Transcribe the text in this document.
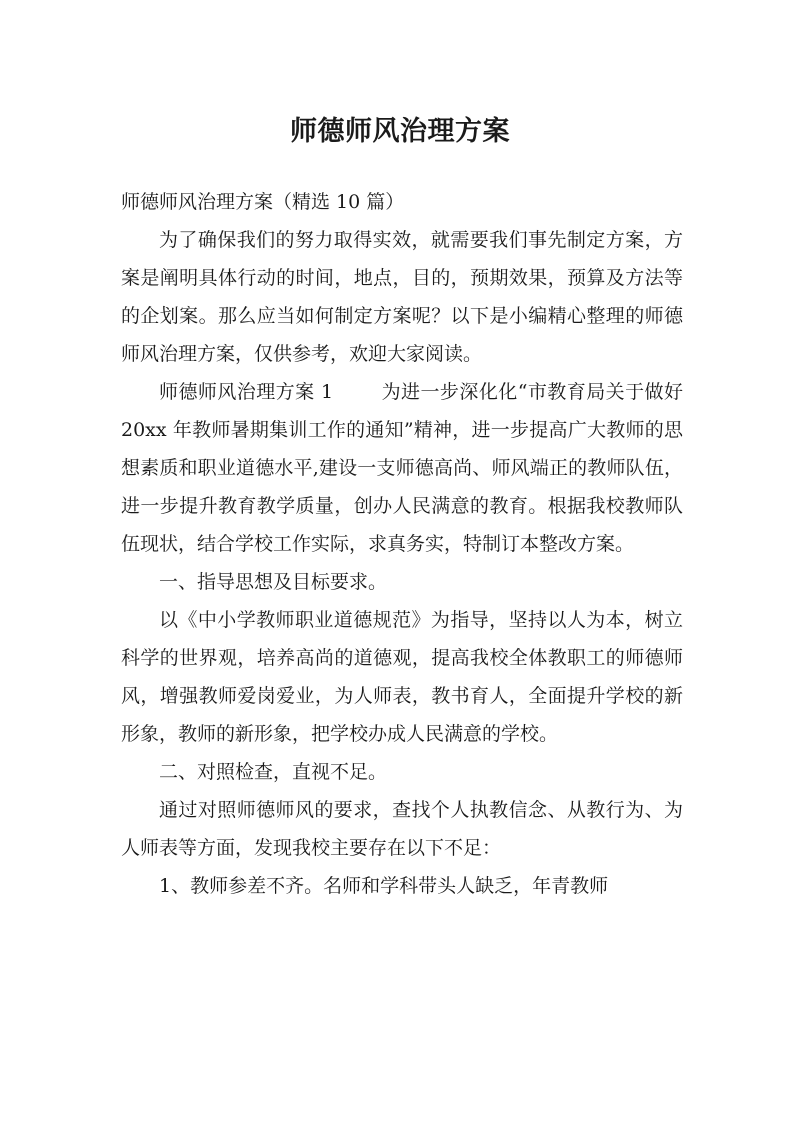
师德师风治理方案

师德师风治理方案（精选 10 篇）

为了确保我们的努力取得实效，就需要我们事先制定方案，方案是阐明具体行动的时间，地点，目的，预期效果，预算及方法等的企划案。那么应当如何制定方案呢？以下是小编精心整理的师德师风治理方案，仅供参考，欢迎大家阅读。

师德师风治理方案 1	为进一步深化化“市教育局关于做好 20xx 年教师暑期集训工作的通知”精神，进一步提高广大教师的思想素质和职业道德水平,建设一支师德高尚、师风端正的教师队伍，进一步提升教育教学质量，创办人民满意的教育。根据我校教师队伍现状，结合学校工作实际，求真务实，特制订本整改方案。

一、指导思想及目标要求。

以《中小学教师职业道德规范》为指导，坚持以人为本，树立科学的世界观，培养高尚的道德观，提高我校全体教职工的师德师风，增强教师爱岗爱业，为人师表，教书育人，全面提升学校的新形象，教师的新形象，把学校办成人民满意的学校。

二、对照检查，直视不足。

通过对照师德师风的要求，查找个人执教信念、从教行为、为人师表等方面，发现我校主要存在以下不足：

1、教师参差不齐。名师和学科带头人缺乏，年青教师
